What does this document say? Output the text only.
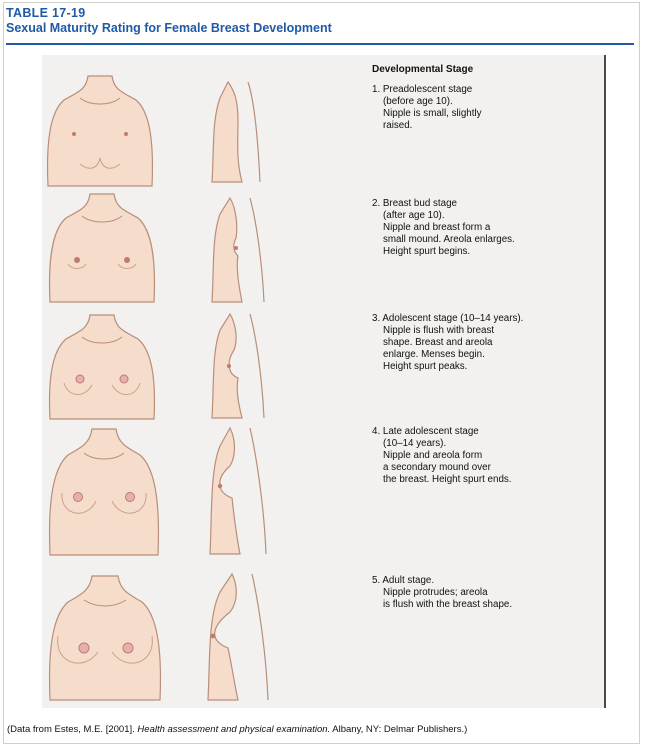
TABLE 17-19
Sexual Maturity Rating for Female Breast Development
Developmental Stage
1. Preadolescent stage
(before age 10).
Nipple is small, slightly
raised.
2. Breast bud stage
(after age 10).
Nipple and breast form a
small mound. Areola enlarges.
Height spurt begins.
3. Adolescent stage (10–14 years).
Nipple is flush with breast
shape. Breast and areola
enlarge. Menses begin.
Height spurt peaks.
4. Late adolescent stage
(10–14 years).
Nipple and areola form
a secondary mound over
the breast. Height spurt ends.
5. Adult stage.
Nipple protrudes; areola
is flush with the breast shape.
(Data from Estes, M.E. [2001]. Health assessment and physical examination. Albany, NY: Delmar Publishers.)
